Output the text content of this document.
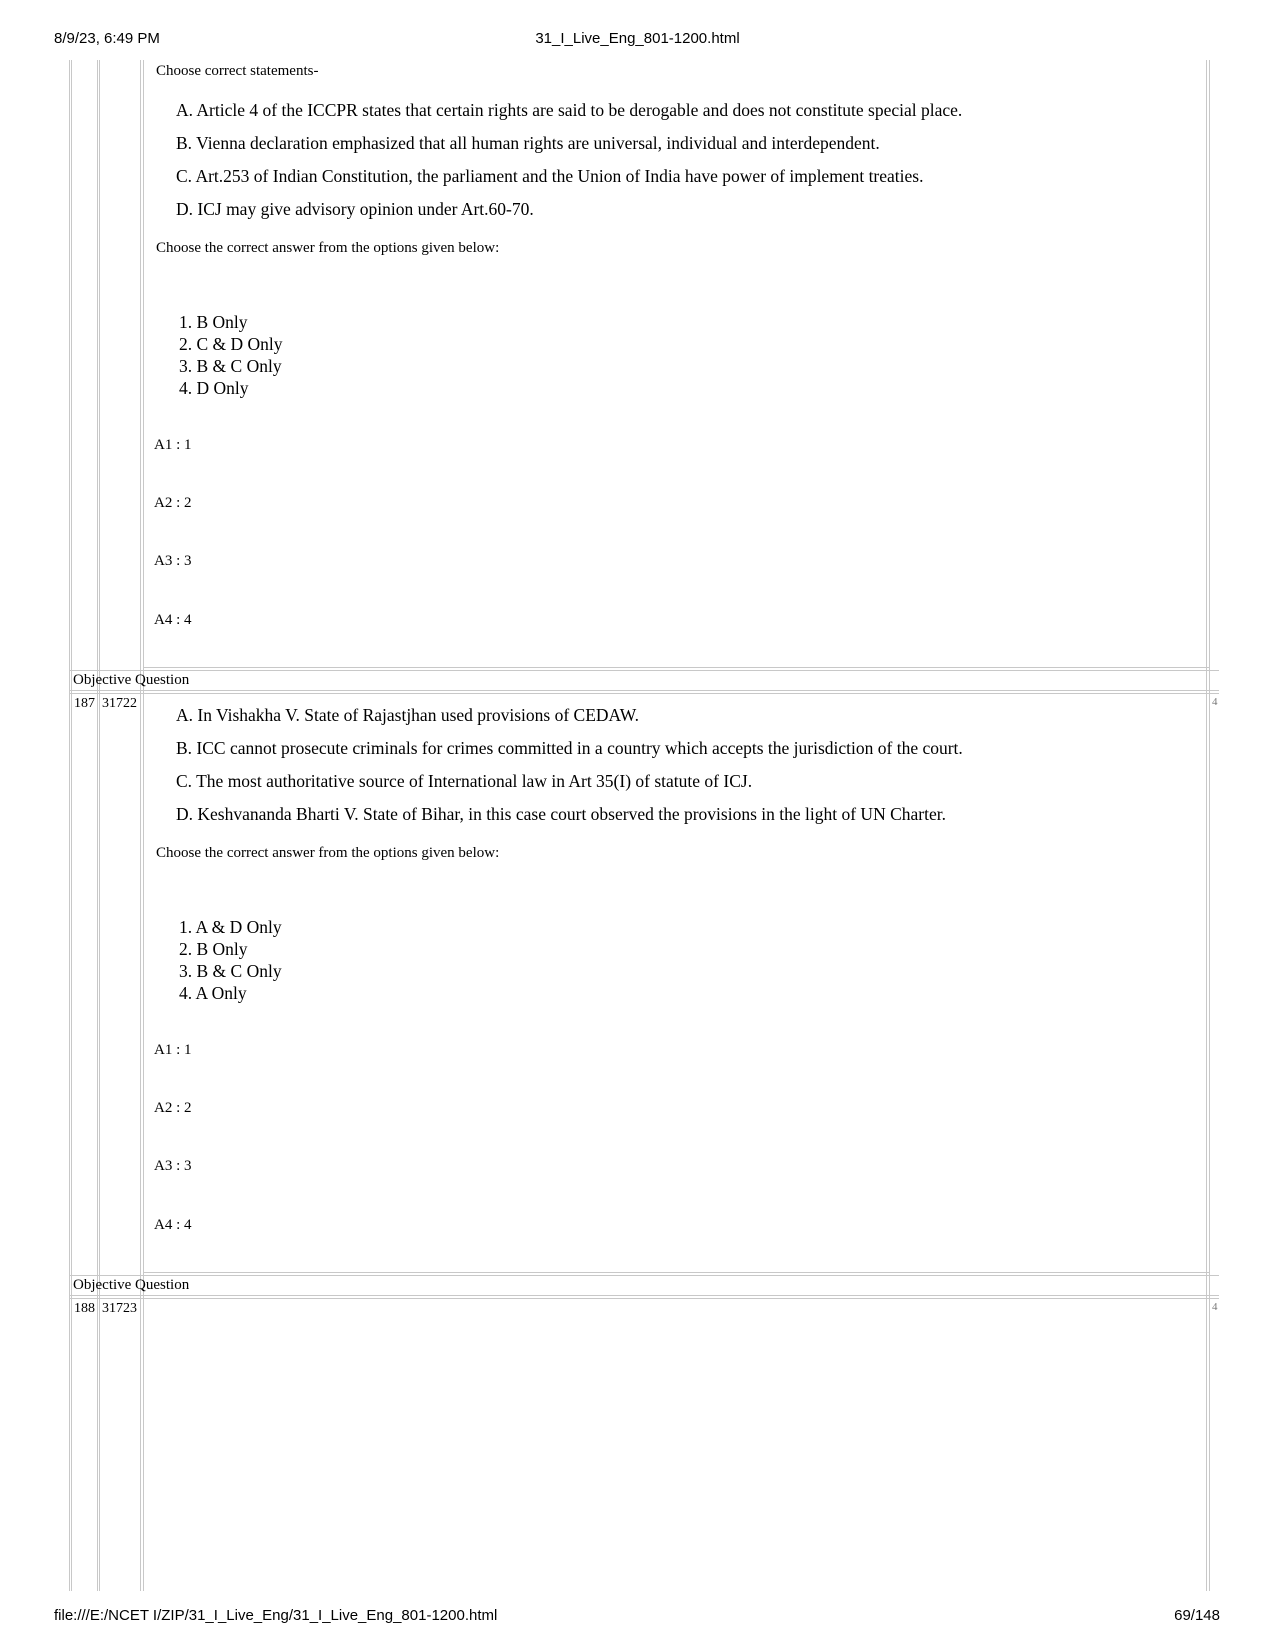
8/9/23, 6:49 PM	31_I_Live_Eng_801-1200.html
file:///E:/NCET I/ZIP/31_I_Live_Eng/31_I_Live_Eng_801-1200.html	69/148
Choose correct statements-
A. Article 4 of the ICCPR states that certain rights are said to be derogable and does not constitute special place.
B. Vienna declaration emphasized that all human rights are universal, individual and interdependent.
C. Art.253 of Indian Constitution, the parliament and the Union of India have power of implement treaties.
D. ICJ may give advisory opinion under Art.60-70.
Choose the correct answer from the options given below:
1. B Only
2. C & D Only
3. B & C Only
4. D Only
A1 : 1
A2 : 2
A3 : 3
A4 : 4
Objective Question
187 31722	4
A. In Vishakha V. State of Rajastjhan used provisions of CEDAW.
B. ICC cannot prosecute criminals for crimes committed in a country which accepts the jurisdiction of the court.
C. The most authoritative source of International law in Art 35(I) of statute of ICJ.
D. Keshvananda Bharti V. State of Bihar, in this case court observed the provisions in the light of UN Charter.
Choose the correct answer from the options given below:
1. A & D Only
2. B Only
3. B & C Only
4. A Only
A1 : 1
A2 : 2
A3 : 3
A4 : 4
Objective Question
188 31723	4
